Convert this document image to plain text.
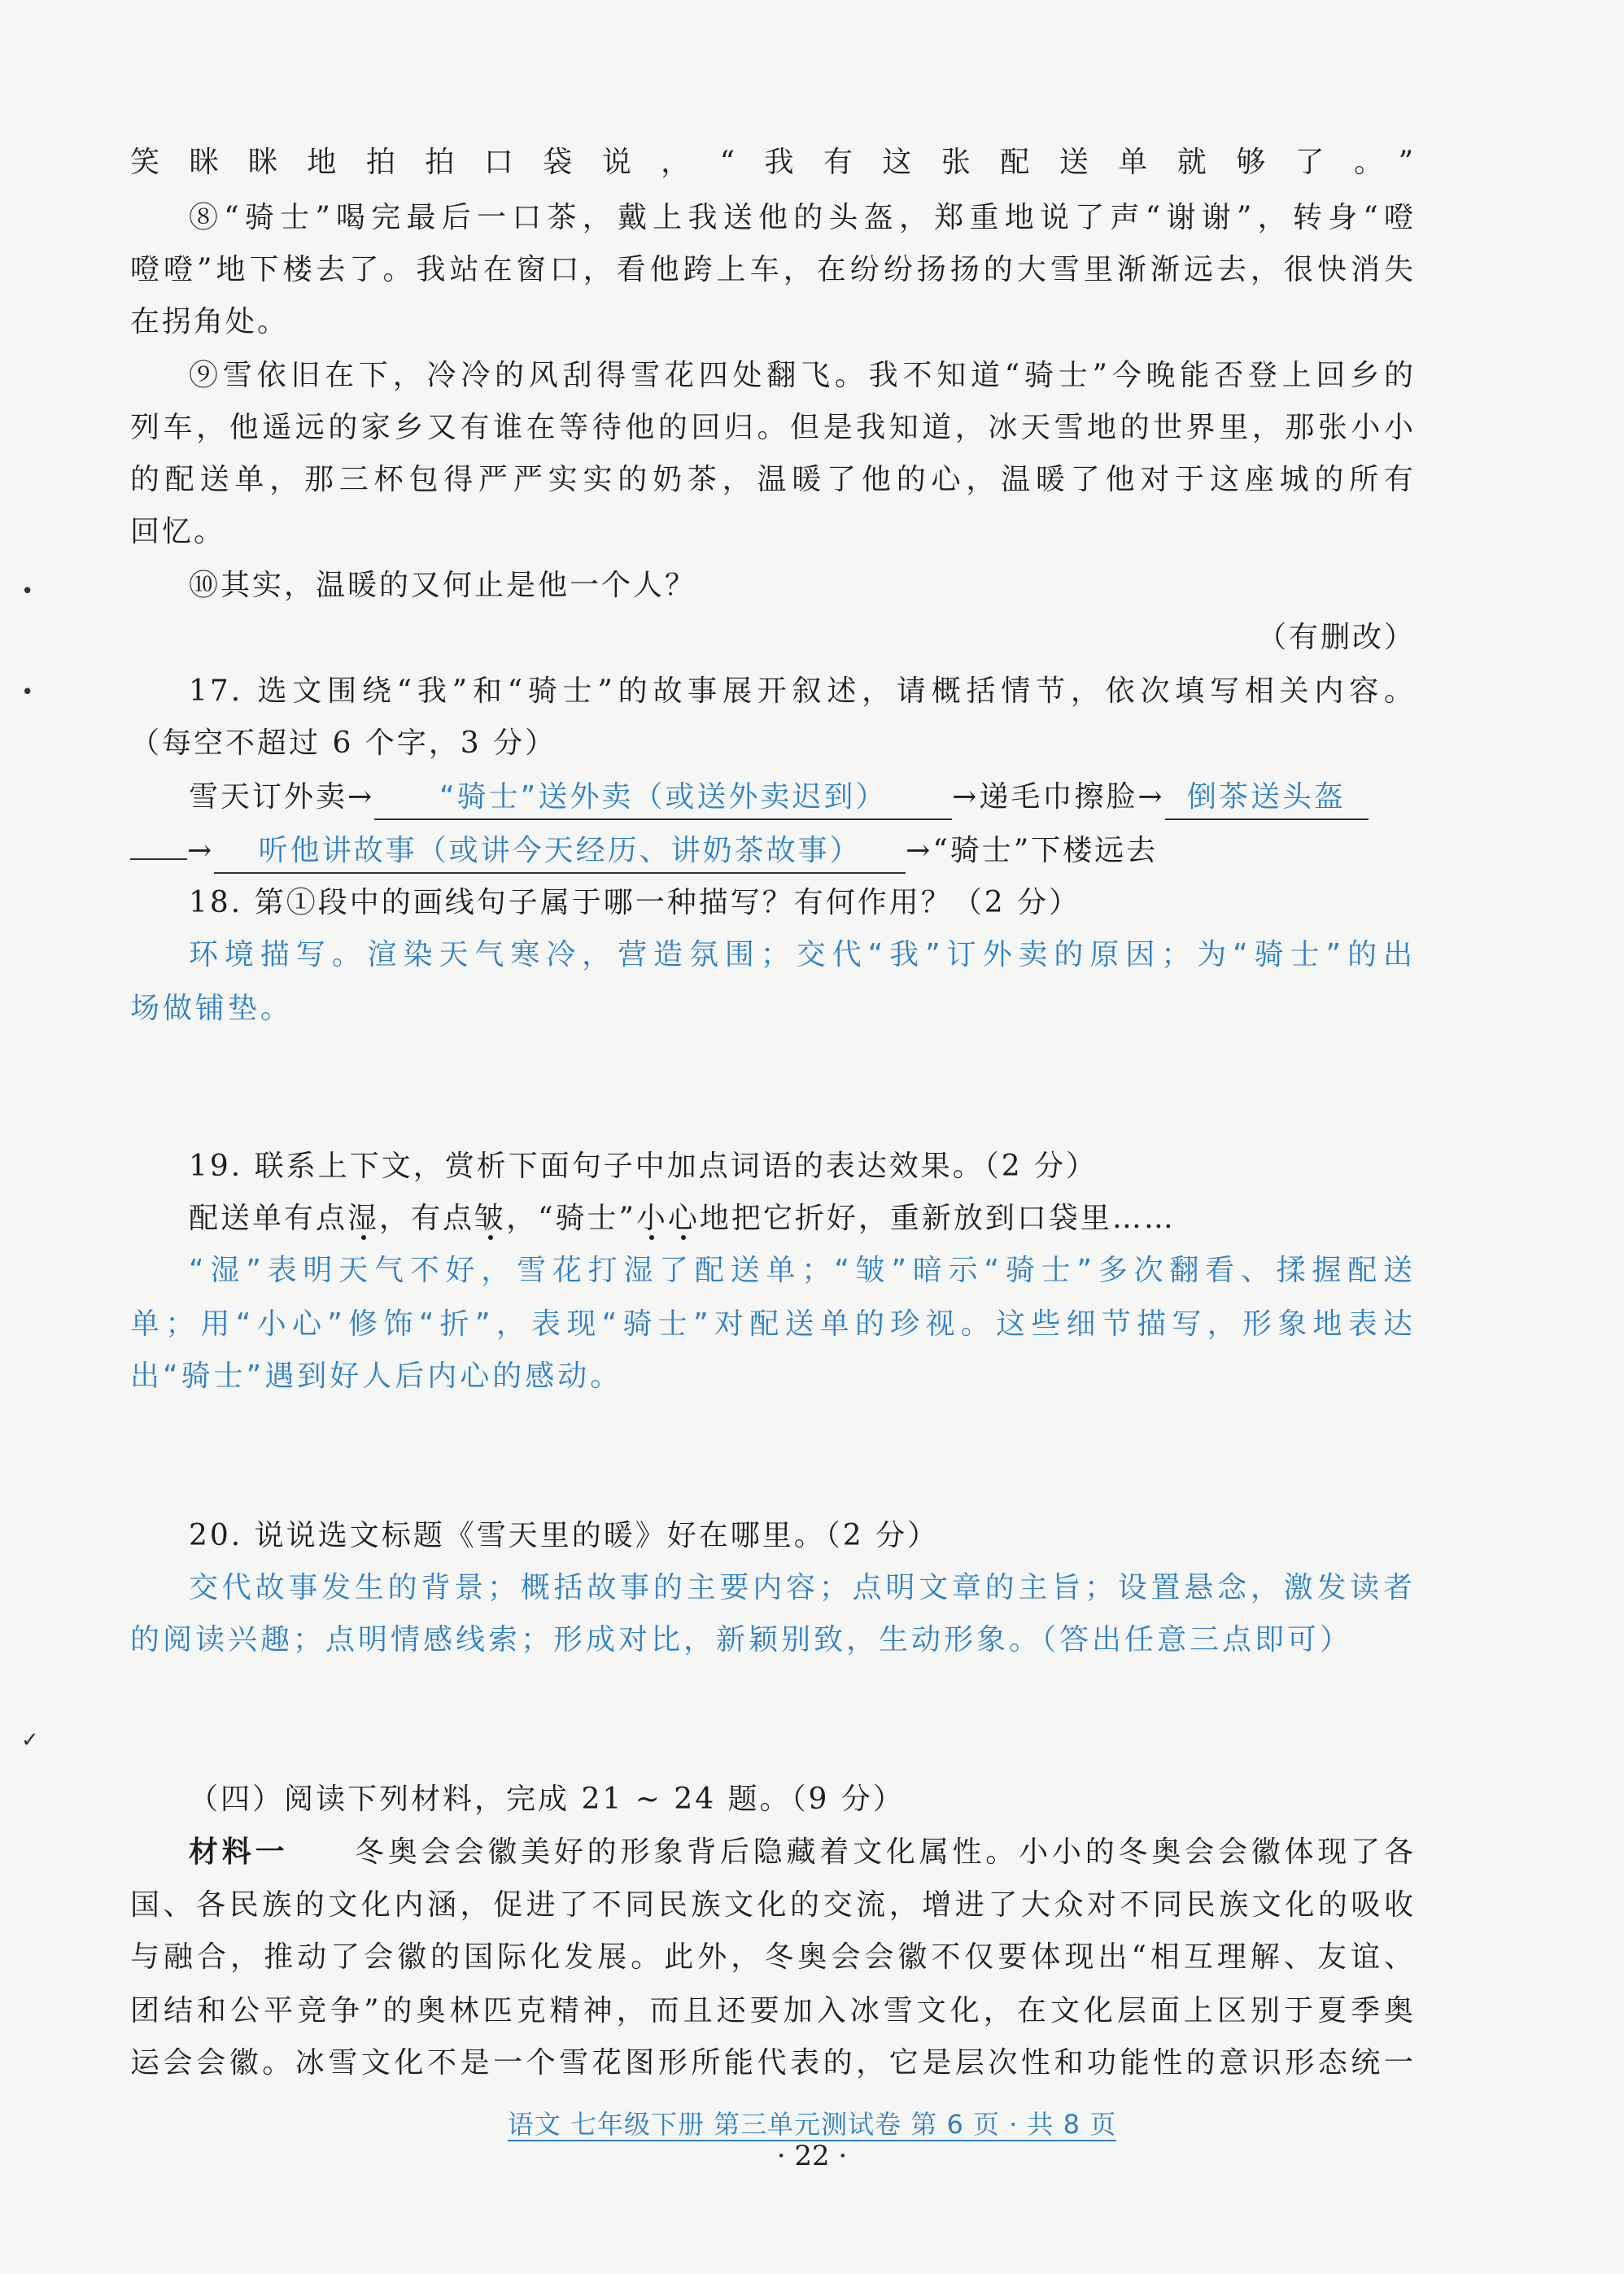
笑眯眯地拍拍口袋说，“我有这张配送单就够了。”
⑧“骑士”喝完最后一口茶，戴上我送他的头盔，郑重地说了声“谢谢”，转身“噔
噔噔”地下楼去了。我站在窗口，看他跨上车，在纷纷扬扬的大雪里渐渐远去，很快消失
在拐角处。
⑨雪依旧在下，冷冷的风刮得雪花四处翻飞。我不知道“骑士”今晚能否登上回乡的
列车，他遥远的家乡又有谁在等待他的回归。但是我知道，冰天雪地的世界里，那张小小
的配送单，那三杯包得严严实实的奶茶，温暖了他的心，温暖了他对于这座城的所有
回忆。
⑩其实，温暖的又何止是他一个人？
（有删改）
•
•
✓
17. 选文围绕“我”和“骑士”的故事展开叙述，请概括情节，依次填写相关内容。
（每空不超过 6 个字，3 分）
雪天订外卖→ “骑士”送外卖（或送外卖迟到） →递毛巾擦脸→ 倒茶送头盔
→ 听他讲故事（或讲今天经历、讲奶茶故事） →“骑士”下楼远去
18. 第①段中的画线句子属于哪一种描写？有何作用？（2 分）
环境描写。渲染天气寒冷，营造氛围；交代“我”订外卖的原因；为“骑士”的出
场做铺垫。
19. 联系上下文，赏析下面句子中加点词语的表达效果。（2 分）
配送单有点湿，有点皱，“骑士”小心地把它折好，重新放到口袋里……
“湿”表明天气不好，雪花打湿了配送单；“皱”暗示“骑士”多次翻看、揉握配送
单；用“小心”修饰“折”，表现“骑士”对配送单的珍视。这些细节描写，形象地表达
出“骑士”遇到好人后内心的感动。
20. 说说选文标题《雪天里的暖》好在哪里。（2 分）
交代故事发生的背景；概括故事的主要内容；点明文章的主旨；设置悬念，激发读者
的阅读兴趣；点明情感线索；形成对比，新颖别致，生动形象。（答出任意三点即可）
（四）阅读下列材料，完成 21 ~ 24 题。（9 分）
材料一　　 冬奥会会徽美好的形象背后隐藏着文化属性。小小的冬奥会会徽体现了各
国、各民族的文化内涵，促进了不同民族文化的交流，增进了大众对不同民族文化的吸收
与融合，推动了会徽的国际化发展。此外，冬奥会会徽不仅要体现出“相互理解、友谊、
团结和公平竞争”的奥林匹克精神，而且还要加入冰雪文化，在文化层面上区别于夏季奥
运会会徽。冰雪文化不是一个雪花图形所能代表的，它是层次性和功能性的意识形态统一
语文 七年级下册 第三单元测试卷 第 6 页 · 共 8 页
· 22 ·
